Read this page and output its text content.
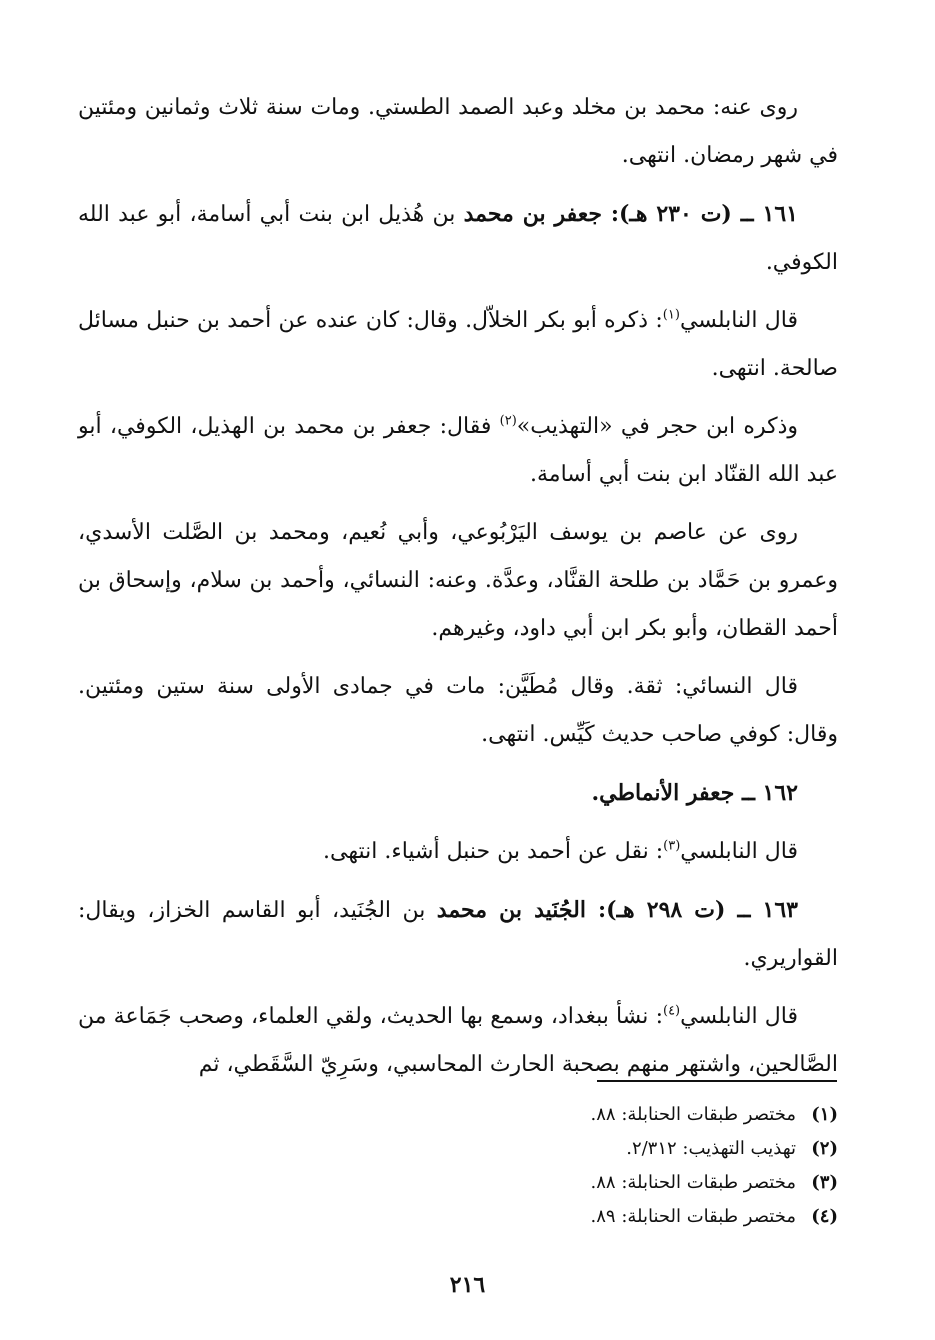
روى عنه: محمد بن مخلد وعبد الصمد الطستي. ومات سنة ثلاث وثمانين ومئتين في شهر رمضان. انتهى.

١٦١ ــ (ت ٢٣٠ هـ): جعفر بن محمد بن هُذيل ابن بنت أبي أسامة، أبو عبد الله الكوفي.

قال النابلسي$^{(١)}$: ذكره أبو بكر الخلاّل. وقال: كان عنده عن أحمد بن حنبل مسائل صالحة. انتهى.

وذكره ابن حجر في «التهذيب»$^{(٢)}$ فقال: جعفر بن محمد بن الهذيل، الكوفي، أبو عبد الله القنّاد ابن بنت أبي أسامة.

روى عن عاصم بن يوسف اليَرْبُوعي، وأبي نُعيم، ومحمد بن الصَّلت الأسدي، وعمرو بن حَمَّاد بن طلحة القنَّاد، وعدَّة. وعنه: النسائي، وأحمد بن سلام، وإسحاق بن أحمد القطان، وأبو بكر ابن أبي داود، وغيرهم.

قال النسائي: ثقة. وقال مُطَيَّن: مات في جمادى الأولى سنة ستين ومئتين. وقال: كوفي صاحب حديث كَيِّس. انتهى.

١٦٢ ــ جعفر الأنماطي.

قال النابلسي$^{(٣)}$: نقل عن أحمد بن حنبل أشياء. انتهى.

١٦٣ ــ (ت ٢٩٨ هـ): الجُنَيد بن محمد بن الجُنَيد، أبو القاسم الخزاز، ويقال: القواريري.

قال النابلسي$^{(٤)}$: نشأ ببغداد، وسمع بها الحديث، ولقي العلماء، وصحب جَمَاعة من الصَّالحين، واشتهر منهم بصحبة الحارث المحاسبي، وسَرِيّ السَّقَطي، ثم

(١)مختصر طبقات الحنابلة: ٨٨.
(٢)تهذيب التهذيب: ٢/٣١٢.
(٣)مختصر طبقات الحنابلة: ٨٨.
(٤)مختصر طبقات الحنابلة: ٨٩.
٢١٦
